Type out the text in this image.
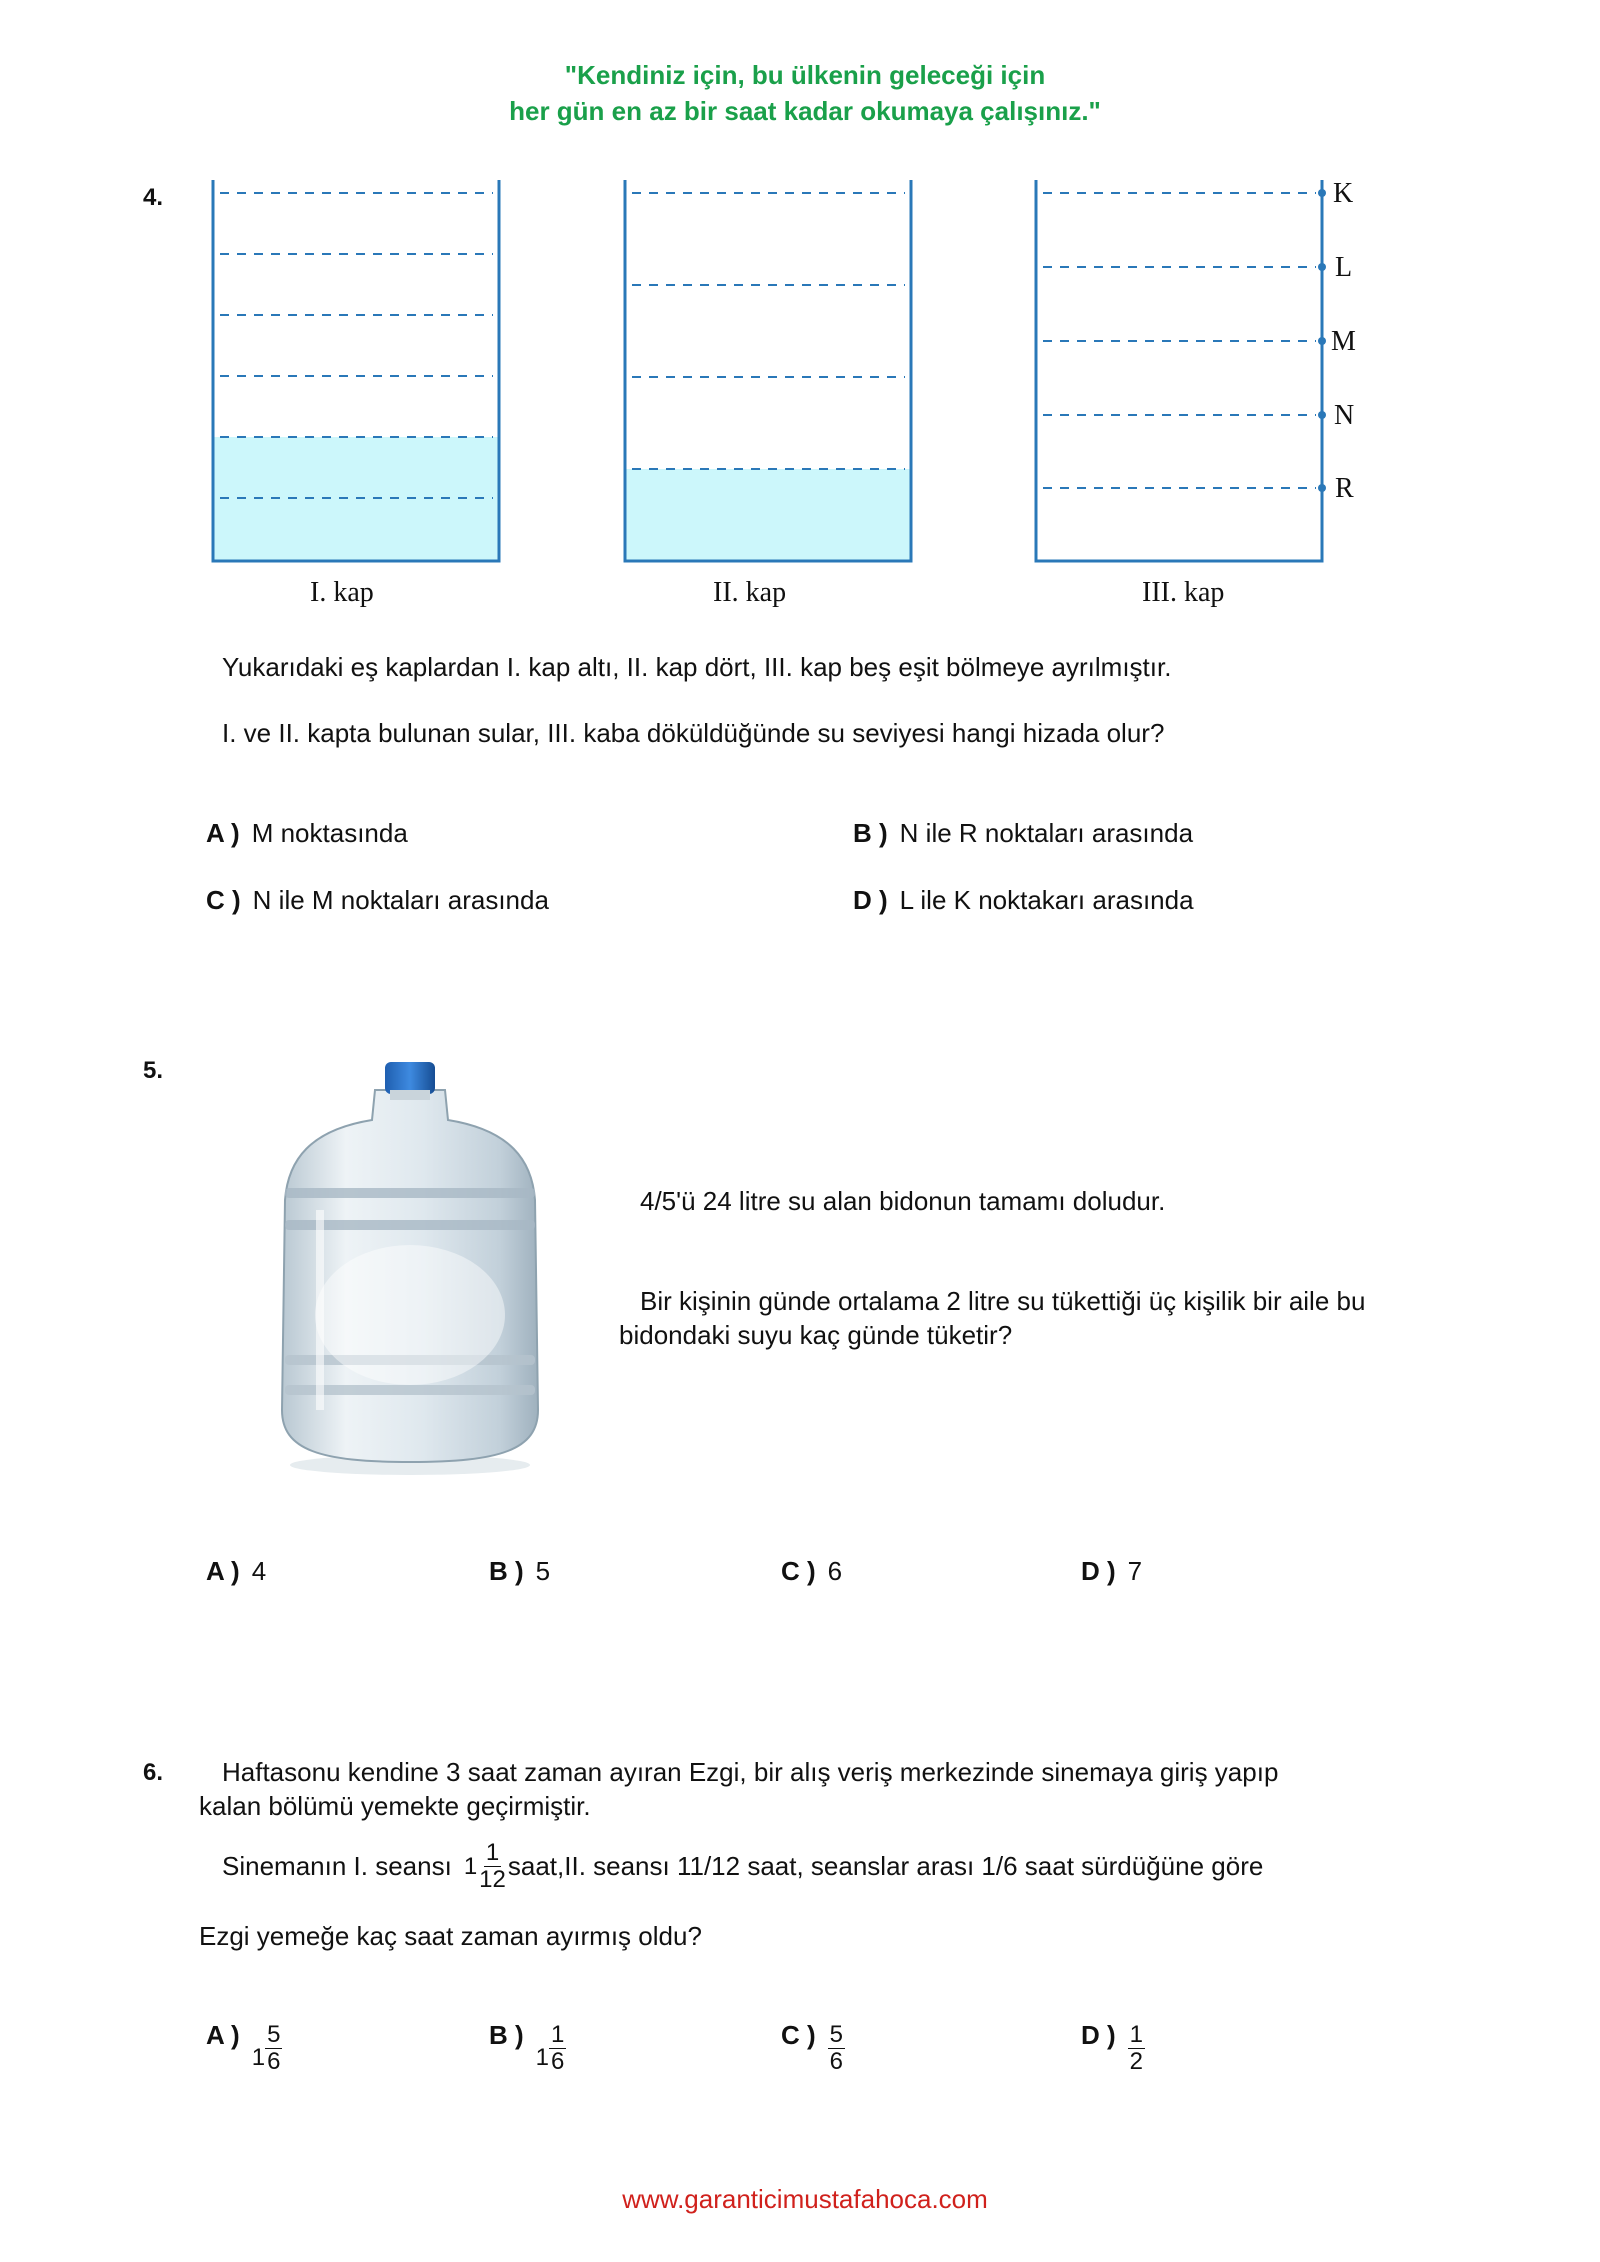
"Kendiniz için, bu ülkenin geleceği için
her gün en az bir saat kadar okumaya çalışınız."
4.	K
L
M
N
R
I. kap	II. kap	III. kap
Yukarıdaki eş kaplardan I. kap altı, II. kap dört, III. kap beş eşit bölmeye ayrılmıştır.
I. ve II. kapta bulunan sular, III. kaba döküldüğünde su seviyesi hangi hizada olur?
A ) M noktasında	B ) N ile R noktaları arasında
C ) N ile M noktaları arasında	D ) L ile K noktakarı arasında
5.
4/5'ü 24 litre su alan bidonun tamamı doludur.
Bir kişinin günde ortalama 2 litre su tükettiği üç kişilik bir aile bu
bidondaki suyu kaç günde tüketir?
A ) 4	B ) 5	C ) 6	D ) 7
6. Haftasonu kendine 3 saat zaman ayıran Ezgi, bir alış veriş merkezinde sinemaya giriş yapıp
kalan bölümü yemekte geçirmiştir.
Sinemanın I. seansı $1 \frac{1}{12}$ saat,II. seansı 11/12 saat, seanslar arası 1/6 saat sürdüğüne göre
Ezgi yemeğe kaç saat zaman ayırmış oldu?
A )
$1 \frac{5}{6}$	B )
$1 \frac{1}{6}$	C ) $\frac{5}{6}$	D ) $\frac{1}{2}$
www.garanticimustafahoca.com
